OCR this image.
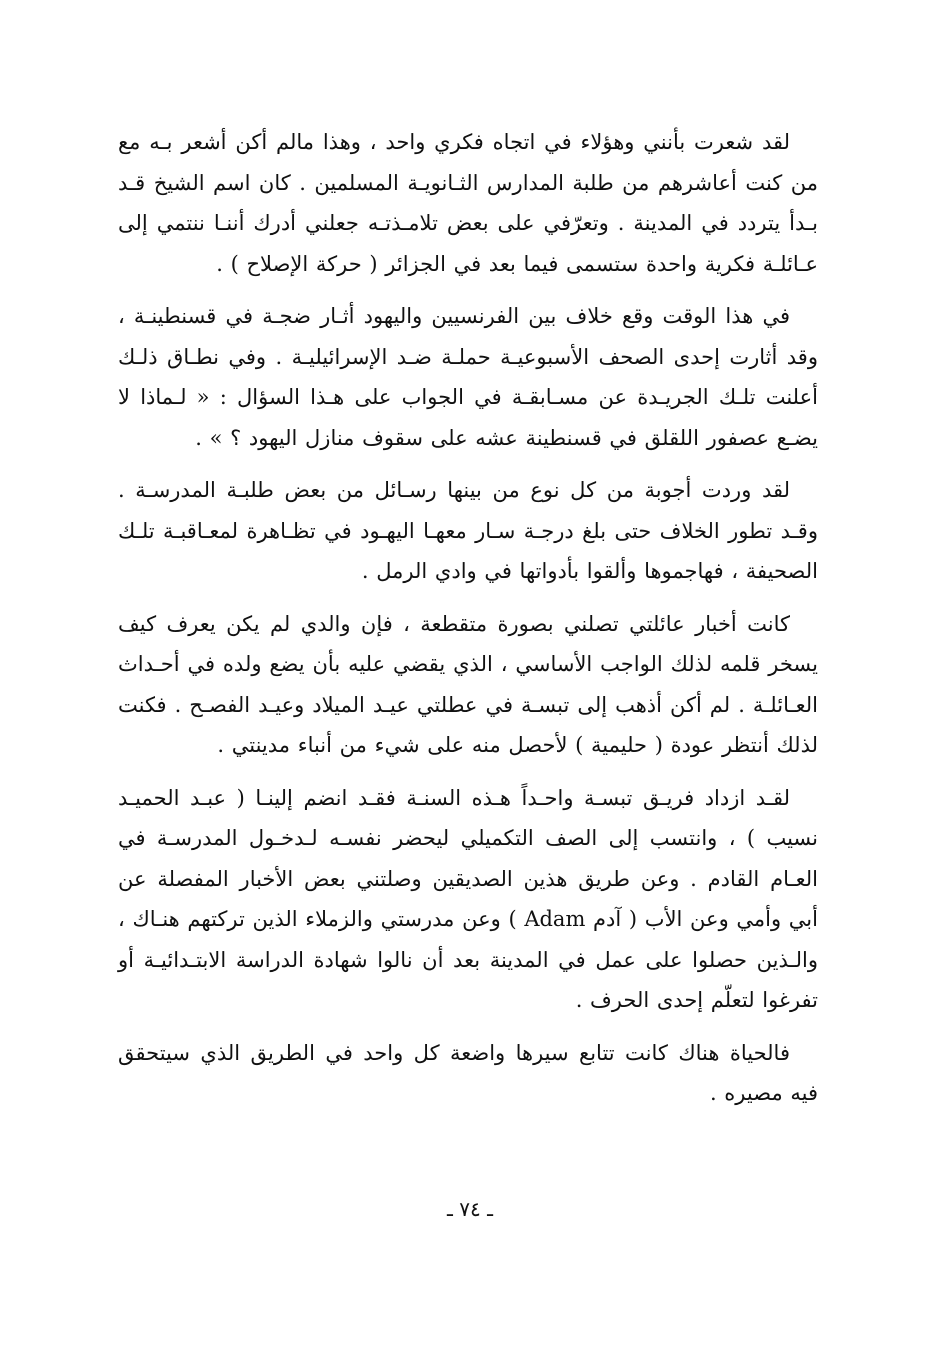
لقد شعرت بأنني وهؤلاء في اتجاه فكري واحد ، وهذا مالم أكن أشعر بـه مع من كنت أعاشرهم من طلبة المدارس الثـانويـة المسلمين . كان اسم الشيخ قـد بـدأ يتردد في المدينة . وتعرّفي على بعض تلامـذتـه جعلني أدرك أننـا ننتمي إلى عـائلـة فكرية واحدة ستسمى فيما بعد في الجزائر ( حركة الإصلاح ) .

في هذا الوقت وقع خلاف بين الفرنسيين واليهود أثـار ضجـة في قسنطينـة ، وقد أثارت إحدى الصحف الأسبوعيـة حملـة ضـد الإسرائيليـة . وفي نطـاق ذلـك أعلنت تلـك الجريـدة عن مسـابقـة في الجواب على هـذا السؤال : « لـماذا لا يضـع عصفور اللقلق في قسنطينة عشه على سقوف منازل اليهود ؟ » .

لقد وردت أجوبة من كل نوع من بينها رسـائل من بعض طلبـة المدرسـة . وقـد تطور الخلاف حتى بلغ درجـة سـار معهـا اليهـود في تظـاهرة لمعـاقبـة تلـك الصحيفة ، فهاجموها وألقوا بأدواتها في وادي الرمل .

كانت أخبار عائلتي تصلني بصورة متقطعة ، فإن والدي لم يكن يعرف كيف يسخر قلمه لذلك الواجب الأساسي ، الذي يقضي عليه بأن يضع ولده في أحـداث العـائلـة . لم أكن أذهب إلى تبسـة في عطلتي عيـد الميلاد وعيـد الفصـح . فكنت لذلك أنتظر عودة ( حليمية ) لأحصل منه على شيء من أنباء مدينتي .

لقـد ازداد فريـق تبسـة واحـداً هـذه السنـة فقـد انضم إلينـا ( عبـد الحميـد نسيب ) ، وانتسب إلى الصف التكميلي ليحضر نفسـه لـدخـول المدرسـة في العـام القادم . وعن طريق هذين الصديقين وصلتني بعض الأخبار المفصلة عن أبي وأمي وعن الأب ( آدم Adam ) وعن مدرستي والزملاء الذين تركتهم هنـاك ، والـذين حصلوا على عمل في المدينة بعد أن نالوا شهادة الدراسة الابتـدائيـة أو تفرغوا لتعلّم إحدى الحرف .

فالحياة هناك كانت تتابع سيرها واضعة كل واحد في الطريق الذي سيتحقق فيه مصيره .

ـ ٧٤ ـ
